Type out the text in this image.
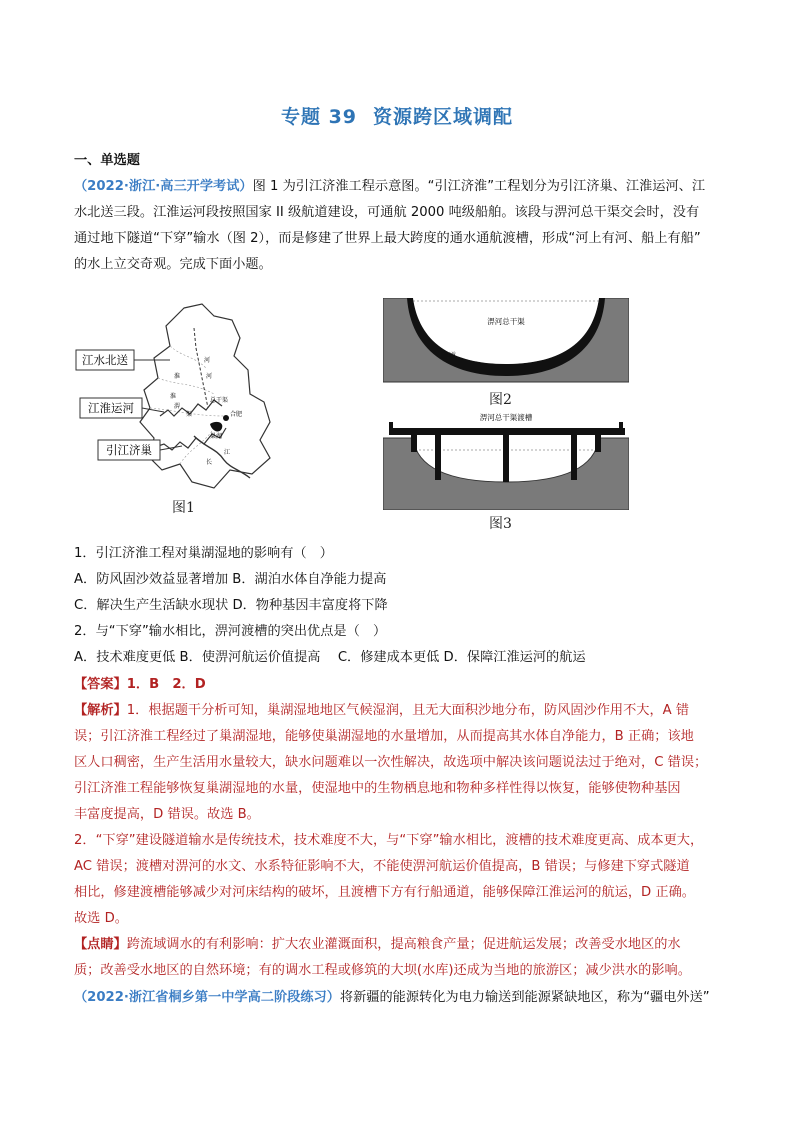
专题 39 资源跨区域调配
一、单选题
（2022·浙江·高三开学考试）图 1 为引江济淮工程示意图。“引江济淮”工程划分为引江济巢、江淮运河、江
水北送三段。江淮运河段按照国家 II 级航道建设，可通航 2000 吨级船舶。该段与淠河总干渠交会时，没有
通过地下隧道“下穿”输水（图 2），而是修建了世界上最大跨度的通水通航渡槽，形成“河上有河、船上有船”
的水上立交奇观。完成下面小题。
江水北送
江淮运河
引江济巢
淮
河
淮
淠
渠	合肥
巢湖
江
长
总干渠
河
图1
淠河总干渠
隧道
图2
淠河总干渠渡槽
图3
1．引江济淮工程对巢湖湿地的影响有（　）
A．防风固沙效益显著增加 B．湖泊水体自净能力提高
C．解决生产生活缺水现状 D．物种基因丰富度将下降
2．与“下穿”输水相比，淠河渡槽的突出优点是（　）
A．技术难度更低 B．使淠河航运价值提高　 C．修建成本更低 D．保障江淮运河的航运
【答案】1．B　2．D
【解析】1．根据题干分析可知，巢湖湿地地区气候湿润，且无大面积沙地分布，防风固沙作用不大，A 错
误；引江济淮工程经过了巢湖湿地，能够使巢湖湿地的水量增加，从而提高其水体自净能力，B 正确；该地
区人口稠密，生产生活用水量较大，缺水问题难以一次性解决，故选项中解决该问题说法过于绝对，C 错误；
引江济淮工程能够恢复巢湖湿地的水量，使湿地中的生物栖息地和物种多样性得以恢复，能够使物种基因
丰富度提高，D 错误。故选 B。
2．“下穿”建设隧道输水是传统技术，技术难度不大，与“下穿”输水相比，渡槽的技术难度更高、成本更大，
AC 错误；渡槽对淠河的水文、水系特征影响不大，不能使淠河航运价值提高，B 错误；与修建下穿式隧道
相比，修建渡槽能够减少对河床结构的破坏，且渡槽下方有行船通道，能够保障江淮运河的航运，D 正确。
故选 D。
【点睛】跨流域调水的有利影响：扩大农业灌溉面积，提高粮食产量；促进航运发展；改善受水地区的水
质；改善受水地区的自然环境；有的调水工程或修筑的大坝(水库)还成为当地的旅游区；减少洪水的影响。
（2022·浙江省桐乡第一中学高二阶段练习）将新疆的能源转化为电力输送到能源紧缺地区，称为“疆电外送”
